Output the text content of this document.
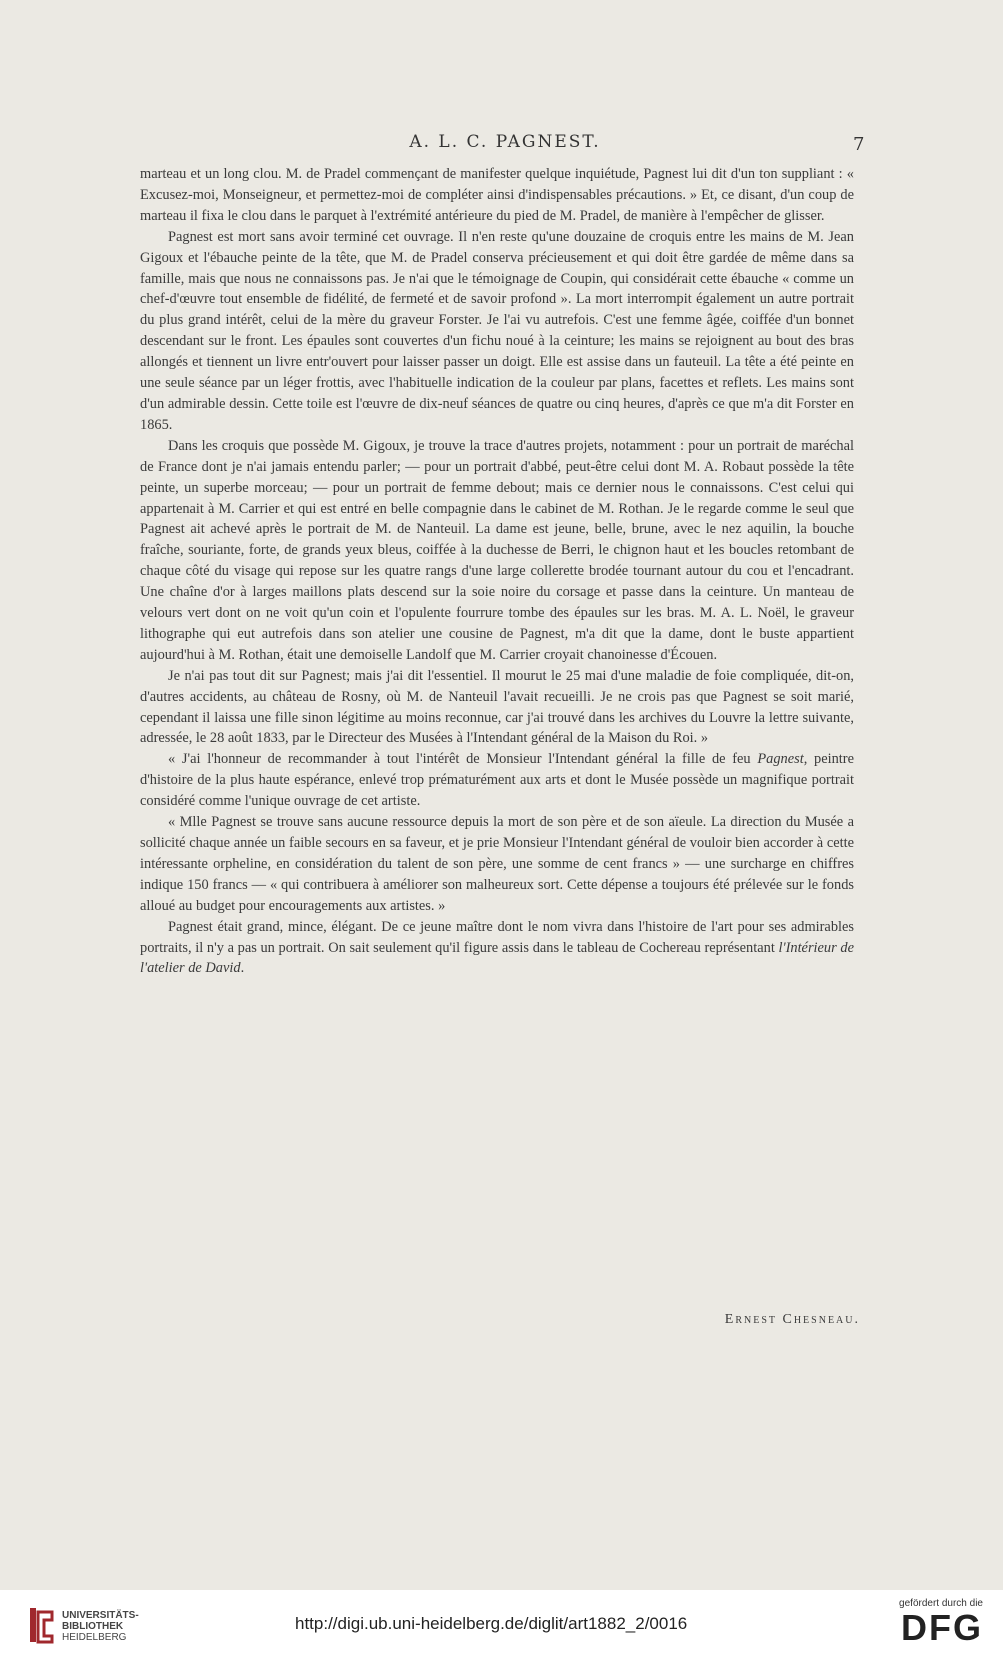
A. L. C. PAGNEST.	7

marteau et un long clou. M. de Pradel commençant de manifester quelque inquiétude, Pagnest lui dit d'un ton suppliant : « Excusez-moi, Monseigneur, et permettez-moi de compléter ainsi d'indispensables précautions. » Et, ce disant, d'un coup de marteau il fixa le clou dans le parquet à l'extrémité antérieure du pied de M. Pradel, de manière à l'empêcher de glisser.

Pagnest est mort sans avoir terminé cet ouvrage. Il n'en reste qu'une douzaine de croquis entre les mains de M. Jean Gigoux et l'ébauche peinte de la tête, que M. de Pradel conserva précieusement et qui doit être gardée de même dans sa famille, mais que nous ne connaissons pas. Je n'ai que le témoignage de Coupin, qui considérait cette ébauche « comme un chef-d'œuvre tout ensemble de fidélité, de fermeté et de savoir profond ». La mort interrompit également un autre portrait du plus grand intérêt, celui de la mère du graveur Forster. Je l'ai vu autrefois. C'est une femme âgée, coiffée d'un bonnet descendant sur le front. Les épaules sont couvertes d'un fichu noué à la ceinture; les mains se rejoignent au bout des bras allongés et tiennent un livre entr'ouvert pour laisser passer un doigt. Elle est assise dans un fauteuil. La tête a été peinte en une seule séance par un léger frottis, avec l'habituelle indication de la couleur par plans, facettes et reflets. Les mains sont d'un admirable dessin. Cette toile est l'œuvre de dix-neuf séances de quatre ou cinq heures, d'après ce que m'a dit Forster en 1865.

Dans les croquis que possède M. Gigoux, je trouve la trace d'autres projets, notamment : pour un portrait de maréchal de France dont je n'ai jamais entendu parler; — pour un portrait d'abbé, peut-être celui dont M. A. Robaut possède la tête peinte, un superbe morceau; — pour un portrait de femme debout; mais ce dernier nous le connaissons. C'est celui qui appartenait à M. Carrier et qui est entré en belle compagnie dans le cabinet de M. Rothan. Je le regarde comme le seul que Pagnest ait achevé après le portrait de M. de Nanteuil. La dame est jeune, belle, brune, avec le nez aquilin, la bouche fraîche, souriante, forte, de grands yeux bleus, coiffée à la duchesse de Berri, le chignon haut et les boucles retombant de chaque côté du visage qui repose sur les quatre rangs d'une large collerette brodée tournant autour du cou et l'encadrant. Une chaîne d'or à larges maillons plats descend sur la soie noire du corsage et passe dans la ceinture. Un manteau de velours vert dont on ne voit qu'un coin et l'opulente fourrure tombe des épaules sur les bras. M. A. L. Noël, le graveur lithographe qui eut autrefois dans son atelier une cousine de Pagnest, m'a dit que la dame, dont le buste appartient aujourd'hui à M. Rothan, était une demoiselle Landolf que M. Carrier croyait chanoinesse d'Écouen.

Je n'ai pas tout dit sur Pagnest; mais j'ai dit l'essentiel. Il mourut le 25 mai d'une maladie de foie compliquée, dit-on, d'autres accidents, au château de Rosny, où M. de Nanteuil l'avait recueilli. Je ne crois pas que Pagnest se soit marié, cependant il laissa une fille sinon légitime au moins reconnue, car j'ai trouvé dans les archives du Louvre la lettre suivante, adressée, le 28 août 1833, par le Directeur des Musées à l'Intendant général de la Maison du Roi. »

« J'ai l'honneur de recommander à tout l'intérêt de Monsieur l'Intendant général la fille de feu Pagnest, peintre d'histoire de la plus haute espérance, enlevé trop prématurément aux arts et dont le Musée possède un magnifique portrait considéré comme l'unique ouvrage de cet artiste.

« Mlle Pagnest se trouve sans aucune ressource depuis la mort de son père et de son aïeule. La direction du Musée a sollicité chaque année un faible secours en sa faveur, et je prie Monsieur l'Intendant général de vouloir bien accorder à cette intéressante orpheline, en considération du talent de son père, une somme de cent francs » — une surcharge en chiffres indique 150 francs — « qui contribuera à améliorer son malheureux sort. Cette dépense a toujours été prélevée sur le fonds alloué au budget pour encouragements aux artistes. »

Pagnest était grand, mince, élégant. De ce jeune maître dont le nom vivra dans l'histoire de l'art pour ses admirables portraits, il n'y a pas un portrait. On sait seulement qu'il figure assis dans le tableau de Cochereau représentant l'Intérieur de l'atelier de David.

Ernest Chesneau.
UNIVERSITÄTS-
BIBLIOTHEK
HEIDELBERG
http://digi.ub.uni-heidelberg.de/diglit/art1882_2/0016
gefördert durch die
DFG
